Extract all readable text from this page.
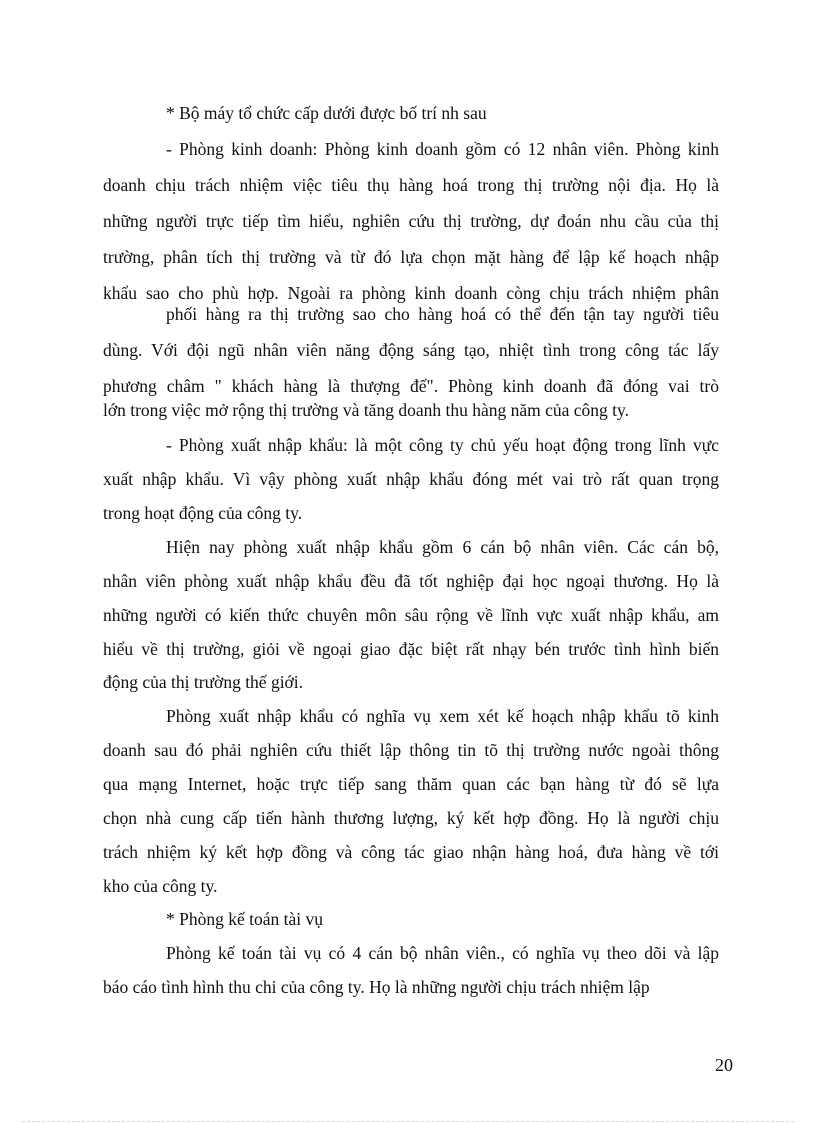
* Bộ máy tổ chức cấp dưới được bố trí nh sau
- Phòng kinh doanh: Phòng kinh doanh gồm có 12 nhân viên. Phòng kinh
doanh chịu trách nhiệm việc tiêu thụ hàng hoá trong thị trường nội địa. Họ là
những người trực tiếp tìm hiểu, nghiên cứu thị trường, dự đoán nhu cầu của thị
trường, phân tích thị trường và từ đó lựa chọn mặt hàng để lập kế hoạch nhập
khẩu sao cho phù hợp. Ngoài ra phòng kinh doanh còng chịu trách nhiệm phân
phối hàng ra thị trường sao cho hàng hoá có thể đến tận tay người tiêu
dùng. Với đội ngũ nhân viên năng động sáng tạo, nhiệt tình trong công tác lấy
phương châm " khách hàng là thượng đế". Phòng kinh doanh đã đóng vai trò
lớn trong việc mở rộng thị trường và tăng doanh thu hàng năm của công ty.
- Phòng xuất nhập khẩu: là một công ty chủ yếu hoạt động trong lĩnh vực
xuất nhập khẩu. Vì vậy phòng xuất nhập khẩu đóng mét vai trò rất quan trọng
trong hoạt động của công ty.
Hiện nay phòng xuất nhập khẩu gồm 6 cán bộ nhân viên. Các cán bộ,
nhân viên phòng xuất nhập khẩu đều đã tốt nghiệp đại học ngoại thương. Họ là
những người có kiến thức chuyên môn sâu rộng về lĩnh vực xuất nhập khẩu, am
hiểu về thị trường, giỏi về ngoại giao đặc biệt rất nhạy bén trước tình hình biến
động của thị trường thế giới.
Phòng xuất nhập khẩu có nghĩa vụ xem xét kế hoạch nhập khẩu tõ kinh
doanh sau đó phải nghiên cứu thiết lập thông tin tõ thị trường nước ngoài thông
qua mạng Internet, hoặc trực tiếp sang thăm quan các bạn hàng từ đó sẽ lựa
chọn nhà cung cấp tiến hành thương lượng, ký kết hợp đồng. Họ là người chịu
trách nhiệm ký kết hợp đồng và công tác giao nhận hàng hoá, đưa hàng về tới
kho của công ty.
* Phòng kế toán tài vụ
Phòng kế toán tài vụ có 4 cán bộ nhân viên., có nghĩa vụ theo dõi và lập
báo cáo tình hình thu chi của công ty. Họ là những người chịu trách nhiệm lập
20
